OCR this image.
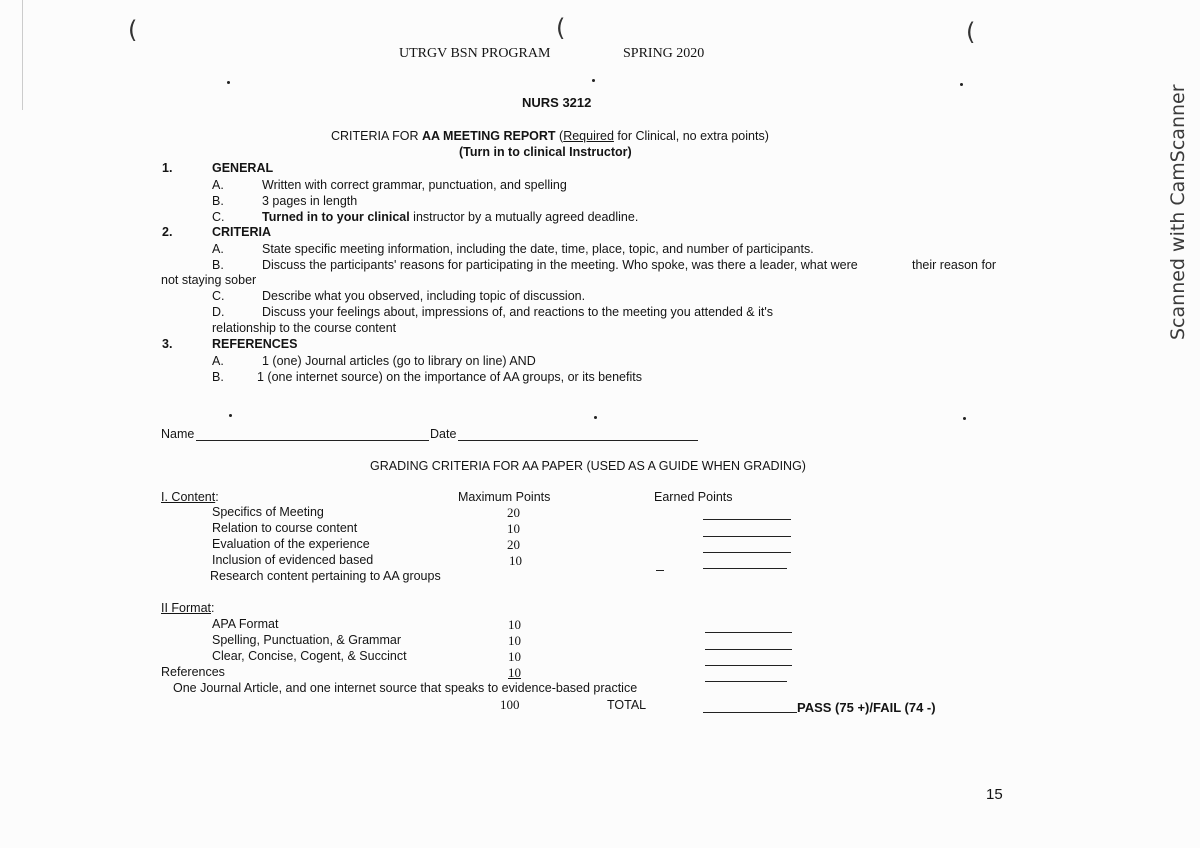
(	(	(
UTRGV BSN PROGRAM	SPRING 2020
NURS 3212
CRITERIA FOR AA MEETING REPORT (Required for Clinical, no extra points)
(Turn in to clinical Instructor)
1.	GENERAL
A.	Written with correct grammar, punctuation, and spelling
B.	3 pages in length
C.	Turned in to your clinical instructor by a mutually agreed deadline.
2.	CRITERIA
A.	State specific meeting information, including the date, time, place, topic, and number of participants.
B.	Discuss the participants' reasons for participating in the meeting. Who spoke, was there a leader, what were	their reason for
not staying sober
C.	Describe what you observed, including topic of discussion.
D.	Discuss your feelings about, impressions of, and reactions to the meeting you attended & it's
relationship to the course content
3.	REFERENCES
A.	1 (one) Journal articles (go to library on line) AND
B.	1 (one internet source) on the importance of AA groups, or its benefits
Name	Date
GRADING CRITERIA FOR AA PAPER (USED AS A GUIDE WHEN GRADING)
I. Content:	Maximum Points	Earned Points
Specifics of Meeting	20
Relation to course content	10
Evaluation of the experience	20
Inclusion of evidenced based	10
Research content pertaining to AA groups
II Format:
APA Format	10
Spelling, Punctuation, & Grammar	10
Clear, Concise, Cogent, & Succinct	10
References	10
One Journal Article, and one internet source that speaks to evidence-based practice
100	TOTAL	PASS (75 +)/FAIL (74 -)
15
Scanned with CamScanner
